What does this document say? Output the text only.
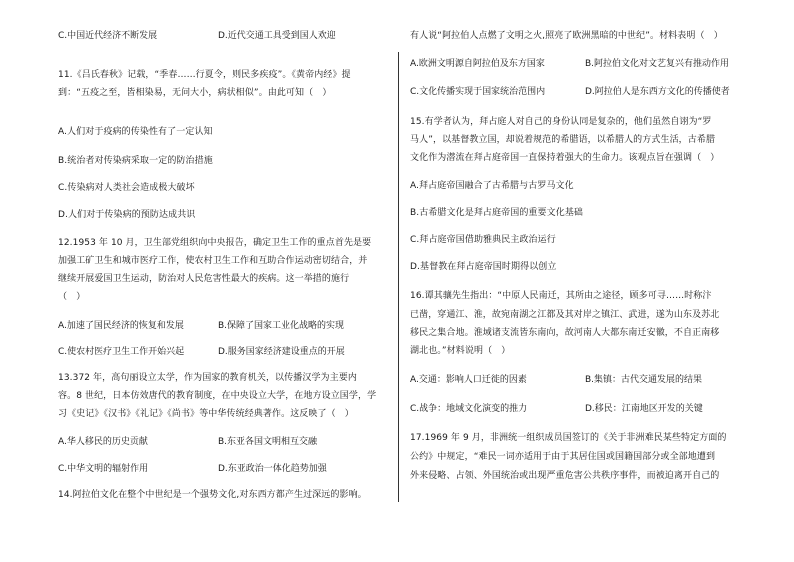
C.中国近代经济不断发展	D.近代交通工具受到国人欢迎
11.《吕氏春秋》记载，“季春……行夏令，则民多疾疫”。《黄帝内经》提
到：“五疫之至，皆相染易，无问大小，病状相似”。由此可知（　）
A.人们对于疫病的传染性有了一定认知
B.统治者对传染病采取一定的防治措施
C.传染病对人类社会造成极大破坏
D.人们对于传染病的预防达成共识
12.1953 年 10 月，卫生部党组织向中央报告，确定卫生工作的重点首先是要
加强工矿卫生和城市医疗工作，使农村卫生工作和互助合作运动密切结合，并
继续开展爱国卫生运动，防治对人民危害性最大的疾病。这一举措的施行
（　）
A.加速了国民经济的恢复和发展	B.保障了国家工业化战略的实现
C.使农村医疗卫生工作开始兴起	D.服务国家经济建设重点的开展
13.372 年，高句丽设立太学，作为国家的教育机关，以传播汉学为主要内
容。8 世纪，日本仿效唐代的教育制度，在中央设立大学，在地方设立国学，学
习《史记》《汉书》《礼记》《尚书》等中华传统经典著作。这反映了（　）
A.华人移民的历史贡献	B.东亚各国文明相互交融
C.中华文明的辐射作用	D.东亚政治一体化趋势加强
14.阿拉伯文化在整个中世纪是一个强势文化,对东西方都产生过深远的影响。
有人说“阿拉伯人点燃了文明之火,照亮了欧洲黑暗的中世纪”。材料表明（　）
A.欧洲文明源自阿拉伯及东方国家	B.阿拉伯文化对文艺复兴有推动作用
C.文化传播实现于国家统治范围内	D.阿拉伯人是东西方文化的传播使者
15.有学者认为，拜占庭人对自己的身份认同是复杂的，他们虽然自诩为“罗
马人”，以基督教立国，却说着规范的希腊语，以希腊人的方式生活，古希腊
文化作为潜流在拜占庭帝国一直保持着强大的生命力。该观点旨在强调（　）
A.拜占庭帝国融合了古希腊与古罗马文化
B.古希腊文化是拜占庭帝国的重要文化基础
C.拜占庭帝国借助雅典民主政治运行
D.基督教在拜占庭帝国时期得以创立
16.谭其骧先生指出：“中原人民南迁，其所由之途径，顾多可寻……时称汴
已凿，穿通江、淮，故宛南湖之江都及其对岸之镇江、武进，遂为山东及苏北
移民之集合地。淮域诸支流皆东南向，故河南人大都东南迁安徽，不自正南移
湖北也。”材料说明（　）
A.交通：影响人口迁徙的因素	B.集镇：古代交通发展的结果
C.战争：地域文化演变的推力	D.移民：江南地区开发的关键
17.1969 年 9 月，非洲统一组织成员国签订的《关于非洲难民某些特定方面的
公约》中规定，“难民一词亦适用于由于其居住国或国籍国部分或全部地遭到
外来侵略、占领、外国统治或出现严重危害公共秩序事件，而被迫离开自己的
